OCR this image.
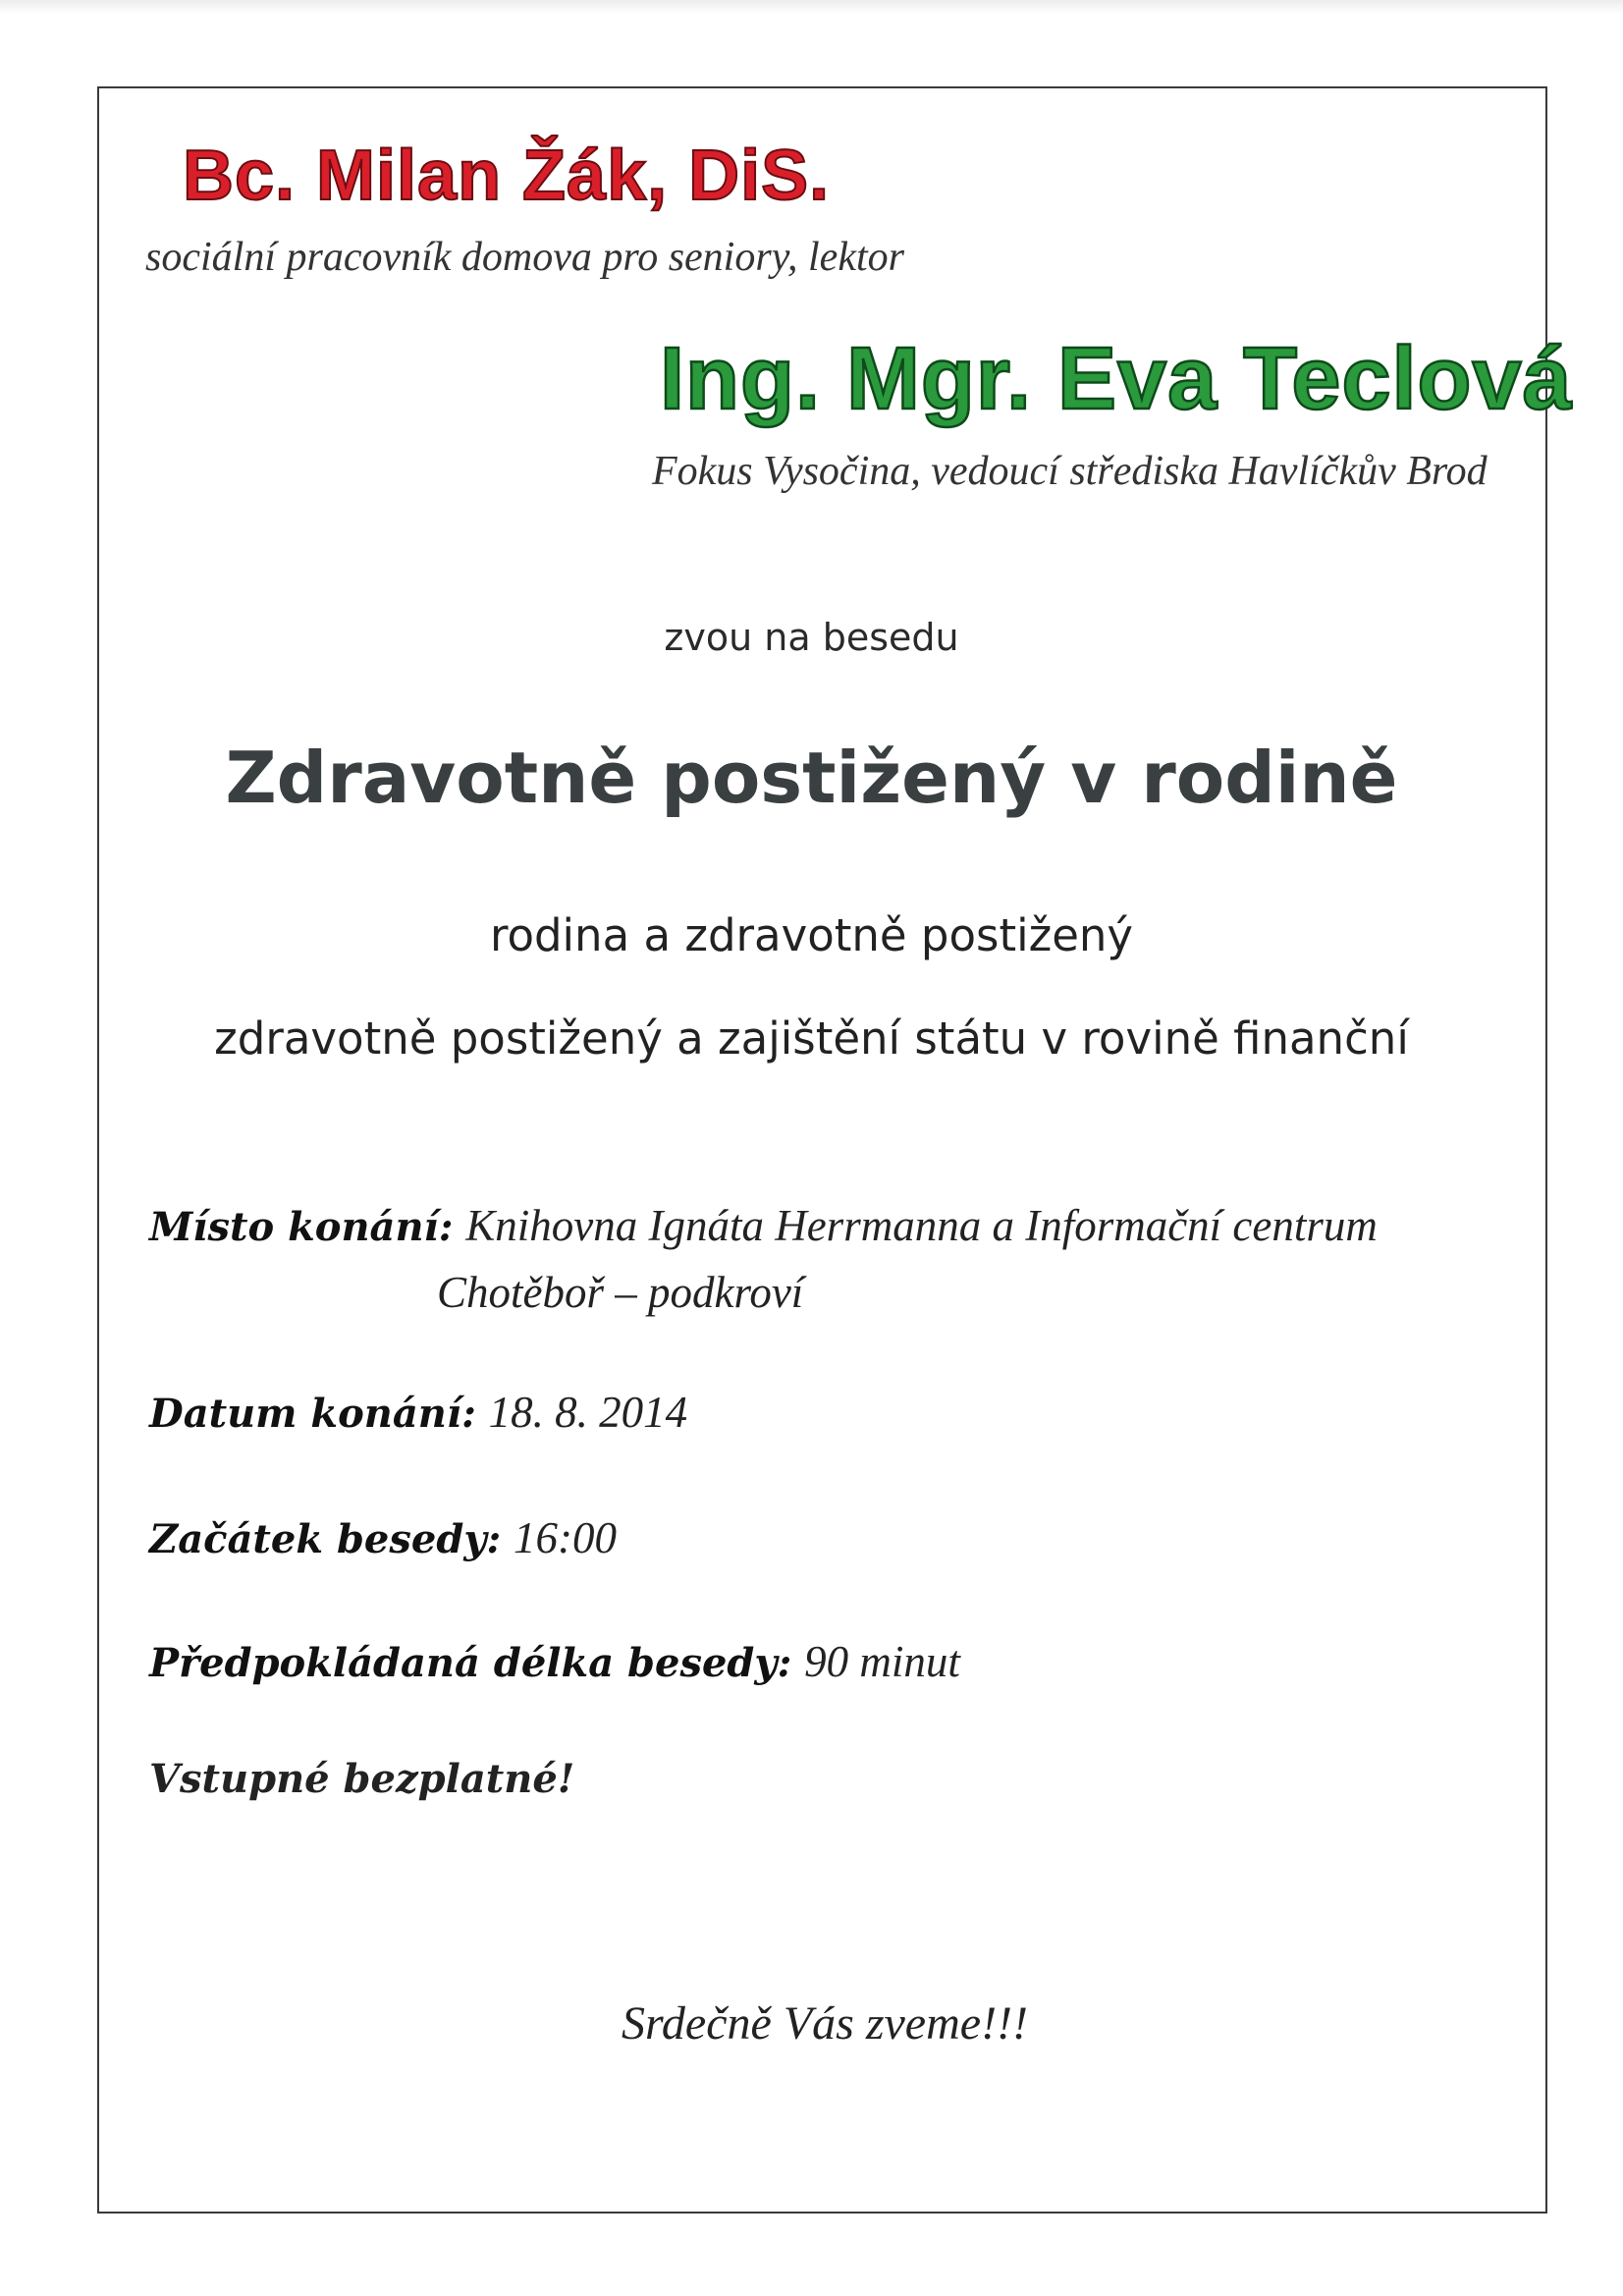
Bc. Milan Žák, DiS.
sociální pracovník domova pro seniory, lektor
Ing. Mgr. Eva Teclová
Fokus Vysočina, vedoucí střediska Havlíčkův Brod
zvou na besedu
Zdravotně postižený v rodině
rodina a zdravotně postižený
zdravotně postižený a zajištění státu v rovině finanční
Místo konání: Knihovna Ignáta Herrmanna a Informační centrum
Chotěboř – podkroví
Datum konání: 18. 8. 2014
Začátek besedy: 16:00
Předpokládaná délka besedy: 90 minut
Vstupné bezplatné!
Srdečně Vás zveme!!!
